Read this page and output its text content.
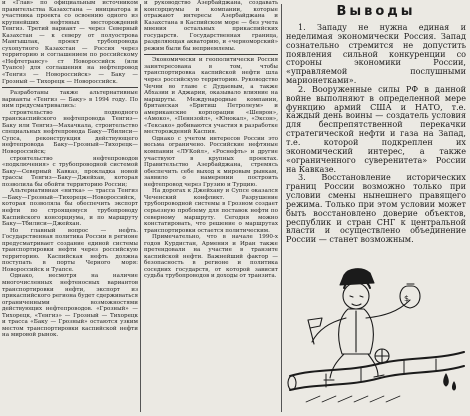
и «Глав» по официальным источником правительства Казахстана — инициатора и участника проекта со освоению одного из крупнейших нефтяных месторождений Тенгиз. Третий вариант — через Северный Казахстан — к северу от полуострова Мангышлак, проект трубопровода сухопутного Казахстан — Россия через территорию и соглашением по российскому «Нефтетрансу» ст Новороссийск (или Туапсе) для соглашения на нефтепровод «Тенгиз — Новороссийск» — Баку — Грозный — Тихорецк — Новороссийск.

Разработаны также альтернативные варианты «Тенгиз — Баку» в 1994 году. По ним предусматривались:

строительство подводного транскаспийского нефтепровода Тенгиз—Баку или Тенгиз—Махачкала, строительство специальных нефтепровода Баку—Тбилиси—Супса, реконструкция действующего нефтепровода Баку—Грозный—Тихорецк—Новороссийск;

строительство нефтепроводов «подключения» с трубопроводной системой Баку—Северный Кавказ, прокладка новой трассы Тенгиз—Баку—Джейхан, которая позволила бы обойти территорию России;

Альтернативная «нитка» — трасса Тенгиз—Баку—Грозный—Тихорецк—Новороссийск, которая позволяла бы обеспечить экспорт нефти по строящемуся трубопроводу Каспийского консорциума, и по маршруту Баку—Тбилиси—Джейхан.

Но главный вопрос — нефть. Государственная политика России в регионе предусматривает создание единой системы транспортировки нефти через российскую территорию. Каспийская нефть должна поступать в порты Черного моря: Новороссийск и Туапсе.

Однако, несмотря на наличие многочисленных нефтеносных вариантов транспортировки нефти, экспорт из прикаспийского региона будет сдерживаться ограниченными возможностями действующих нефтепроводов. «Грозный» — Тихорецк, «Тенгиз» — Грозный — Тихорецк и трасса «Баку — Грозный» остаются узким местом транспортировки каспийской нефти на мировой рынок.

и руководство Азербайджана, создавать консорциумы и компании, которые отражают интересы Азербайджана и Казахстана в Каспийском море — без учета мнения остальных прикаспийских государств. Государственная граница, разделяющая акваторию, и «черноморский» режим были бы неприемлемы.

Экономически и геополитически Россия заинтересована в том, чтобы транспортировка каспийской нефти шла через российскую территорию. Руководство Чечни во главе с Дудаевым, а также Абхазии и Аджарии, оказывало влияние на маршруты. Международные компании, британская «Бритиш Петролеум» и американские корпорации «Шеврон», «Амоко», «Пеннзойл», «Юнокал», «Эксон», «Тексако» добиваются участия в разработке месторождений Каспия.

Однако с учетом интересов России это весьма ограничено. Российские нефтяные компании «ЛУКойл», «Роснефть» и другие участвуют в крупных проектах. Правительство Азербайджана, стремясь обеспечить себе выход к мировым рынкам, заявило о намерении построить нефтепровод через Грузию и Турцию.

На дорогах к Джейхану и Супсе оказался Чеченский конфликт. Разрушение трубопроводной системы в Грозном создает серьезную проблему для поставок нефти по северному маршруту. Сегодня можно констатировать, что решение о маршрутах транспортировки остается политическим.

Примечательно, что в начале 1990-х годов Курдистан, Армения и Иран также претендовали на участие в транзите каспийской нефти. Важнейший фактор — безопасность в регионе и политика соседних государств, от которой зависит судьба трубопроводов и доходы от транзита.

Выводы

1. Западу не нужна единая и неделимая экономически Россия. Запад сознательно стремится не допустить появления сильной конкуренции со стороны экономики России, «управляемой послушными марионетками».

2. Вооруженные силы РФ в данной войне выполняют в определенной мере функцию армий США и НАТО, т.е. каждый день воины — создатель условия для беспрепятственной перекачки стратегической нефти и газа на Запад, т.е. которой подкреплен их экономический интерес, а также «ограниченного суверенитета» России на Кавказе.

3. Восстановление исторических границ России возможно только при условии смены нынешнего правящего режима. Только при этом условии может быть восстановлено доверие объектов, республик и стран СНГ к центральной власти и осуществлено объединение России — станет возможным.

$
